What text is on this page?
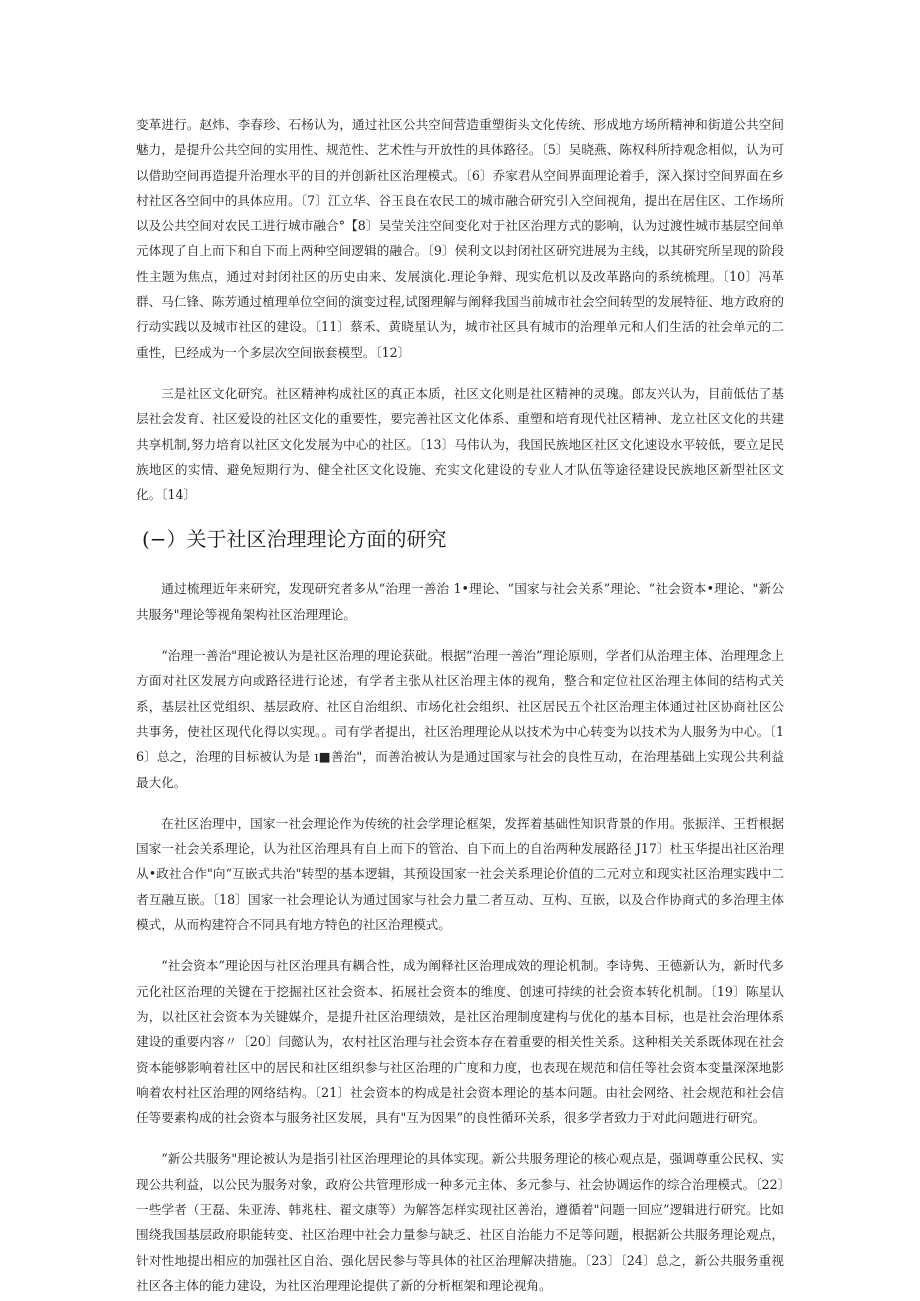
变革进行。赵炜、李春珍、石杨认为，通过社区公共空间营造重塑街头文化传统、形成地方场所精神和街道公共空间魅力，是提升公共空间的实用性、规范性、艺术性与开放性的具体路径。〔5〕吴晓燕、陈权科所持观念相似，认为可以借助空间再造提升治理水平的目的并创新社区治理模式。〔6〕乔家君从空间界面理论着手，深入探讨空间界面在乡村社区各空间中的具体应用。〔7〕江立华、谷玉良在农民工的城市融合研究引入空间视角，提出在居住区、工作场所以及公共空间对农民工进行城市融合°【8〕吴莹关注空间变化对于社区治理方式的影响，认为过渡性城市基层空间单元体现了自上而下和自下而上两种空间逻辑的融合。〔9〕侯利文以封闭社区研究进展为主线，以其研究所呈现的阶段性主题为焦点，通过对封闭社区的历史由来、发展演化.理论争辩、现实危机以及改革路向的系统梳理。〔10〕冯革群、马仁锋、陈芳通过植理单位空间的演变过程,试图理解与阐释我国当前城市社会空间转型的发展特征、地方政府的行动实践以及城市社区的建设。〔11〕蔡禾、黄晓星认为，城市社区具有城市的治理单元和人们生活的社会单元的二重性，巳经成为一个多层次空间嵌套模型。〔12〕

三是社区文化研究。社区精神构成社区的真正本质，社区文化则是社区精神的灵瑰。郎友兴认为，目前低估了基层社会发育、社区爱设的社区文化的重要性，要完善社区文化体系、重塑和培育现代社区精神、龙立社区文化的共建共享机制,努力培育以社区文化发展为中心的社区。〔13〕马伟认为，我国民族地区社区文化速设水平较低，要立足民族地区的实情、避免短期行为、健全社区文化设施、充实文化建设的专业人才队伍等途径建设民族地区新型社区文化。〔14〕

(−）关于社区治理理论方面的研究

通过梳理近年来研究，发现研究者多从“治理一善治 1•理论、“国家与社会关系”理论、“社会资本•理论、"新公共服务"理论等视角架构社区治理理论。

“治理一善治"理论被认为是社区治理的理论获砒。根据“治理一善治”理论原则，学者们从治理主体、治理理念上方面对社区发展方向或路径进行论述，有学者主张从社区治理主体的视角，整合和定位社区治理主体间的结构式关系，基层社区党组织、基层政府、社区自治组织、市场化社会组织、社区居民五个社区治理主体通过社区协商社区公共事务，使社区现代化得以实现。。司有学者提出，社区治理理论从以技术为中心转变为以技术为人服务为中心。〔16〕总之，治理的目标被认为是 ı■善治"，而善治被认为是通过国家与社会的良性互动，在治理基础上实现公共利益最大化。

在社区治理中，国家一社会理论作为传统的社会学理论框架，发挥着基础性知识背景的作用。张振洋、王哲根据国家一社会关系理论，认为社区治理具有自上而下的管治、自下而上的自治两种发展路径 J17〕杜玉华提出社区治理从•政社合作"向“互嵌式共治"转型的基本逻辑，其预设国家一社会关系理论价值的二元对立和现实社区治理实践中二者互融互嵌。〔18〕国家一社会理论认为通过国家与社会力量二者互动、互构、互嵌，以及合作协商式的多治理主体模式，从而构建符合不同具有地方特色的社区治理模式。

“社会资本”理论因与社区治理具有耦合性，成为阐释社区治理成效的理论机制。李诗隽、王德新认为，新时代多元化社区治理的关键在于挖掘社区社会资本、拓展社会资本的维度、创速可持续的社会资本转化机制。〔19〕陈星认为，以社区社会资本为关键媒介，是提升社区治理绩效，是社区治理制度建构与优化的基本目标，也是社会治理体系建设的重要内容〃〔20〕闫懿认为，农村社区治理与社会资本存在着重要的相关性关系。这种相关关系既体现在社会资本能够影响着社区中的居民和社区组织参与社区治理的广度和力度，也表现在规范和信任等社会资本变量深深地影响着农村社区治理的网络结构。〔21〕社会资本的构成是社会资本理论的基本问题。由社会网络、社会规范和社会信任等要素构成的社会资本与服务社区发展，具有"互为因果”的良性循环关系，很多学者致力于对此问题进行研究。

“新公共服务"理论被认为是指引社区治理理论的具体实现。新公共服务理论的核心观点是，强调尊重公民权、实现公共利益，以公民为服务对象，政府公共管理形成一种多元主体、多元参与、社会协调运作的综合治理模式。〔22〕一些学者（王磊、朱亚涛、韩兆柱、翟文康等）为解答怎样实现社区善治，遵循着"问题一回应”逻辑进行研究。比如围绕我国基层政府职能转变、社区治理中社会力量参与缺乏、社区自治能力不足等问题，根据新公共服务理论观点，针对性地提出相应的加强社区自治、强化居民参与等具体的社区治理解决措施。〔23〕〔24〕总之，新公共服务重视社区各主体的能力建设，为社区治理理论提供了新的分析框架和理论视角。
